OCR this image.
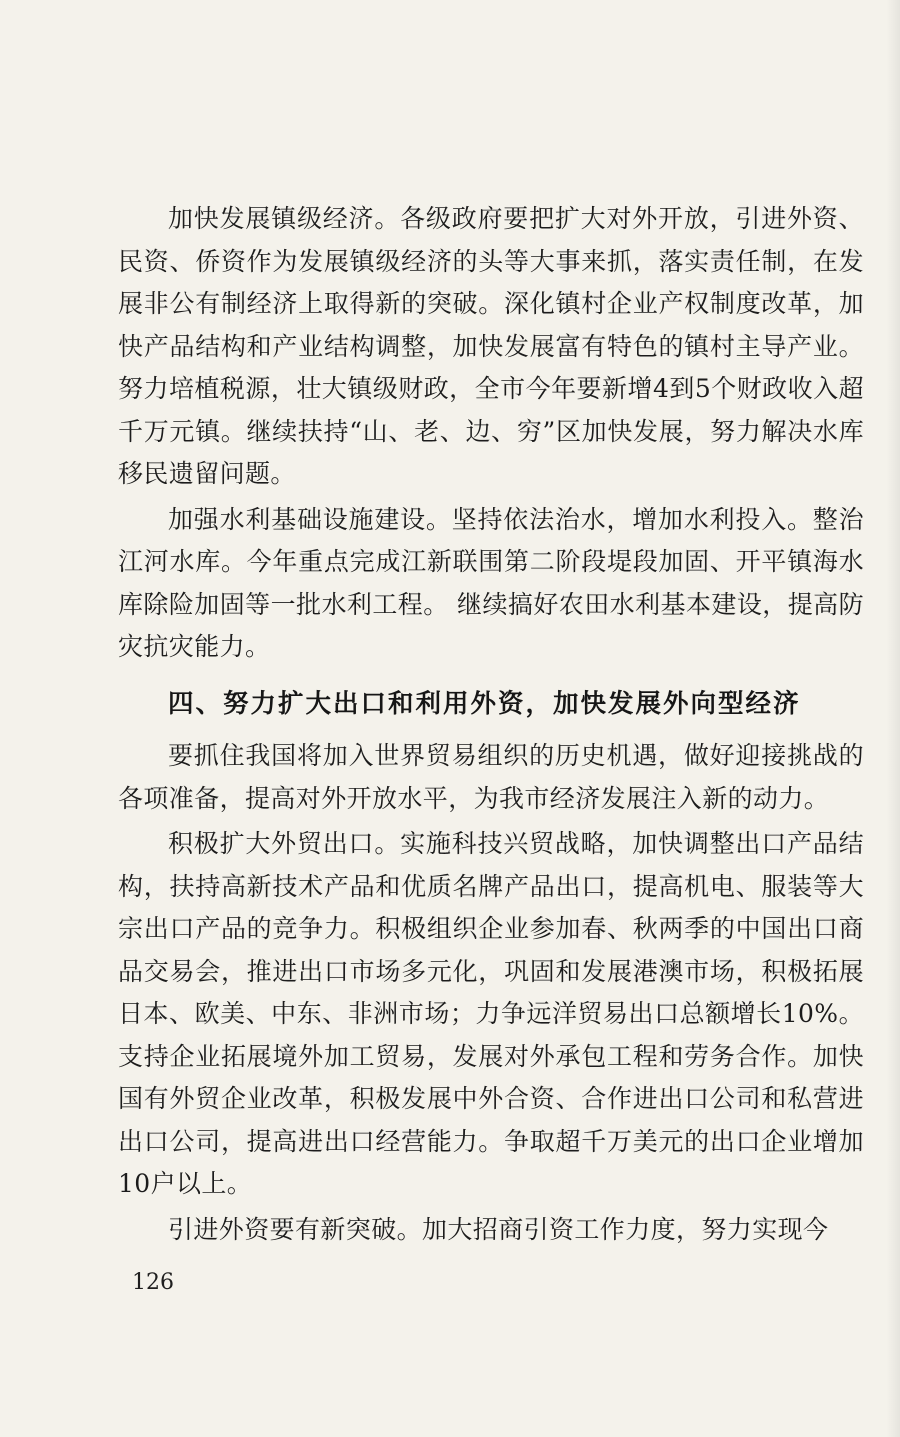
加快发展镇级经济。各级政府要把扩大对外开放，引进外资、民资、侨资作为发展镇级经济的头等大事来抓，落实责任制，在发展非公有制经济上取得新的突破。深化镇村企业产权制度改革，加快产品结构和产业结构调整，加快发展富有特色的镇村主导产业。努力培植税源，壮大镇级财政，全市今年要新增4到5个财政收入超千万元镇。继续扶持“山、老、边、穷”区加快发展，努力解决水库移民遗留问题。

加强水利基础设施建设。坚持依法治水，增加水利投入。整治江河水库。今年重点完成江新联围第二阶段堤段加固、开平镇海水库除险加固等一批水利工程。 继续搞好农田水利基本建设，提高防灾抗灾能力。

四、努力扩大出口和利用外资，加快发展外向型经济

要抓住我国将加入世界贸易组织的历史机遇，做好迎接挑战的各项准备，提高对外开放水平，为我市经济发展注入新的动力。

积极扩大外贸出口。实施科技兴贸战略，加快调整出口产品结构，扶持高新技术产品和优质名牌产品出口，提高机电、服装等大宗出口产品的竞争力。积极组织企业参加春、秋两季的中国出口商品交易会，推进出口市场多元化，巩固和发展港澳市场，积极拓展日本、欧美、中东、非洲市场；力争远洋贸易出口总额增长10%。支持企业拓展境外加工贸易，发展对外承包工程和劳务合作。加快国有外贸企业改革，积极发展中外合资、合作进出口公司和私营进出口公司，提高进出口经营能力。争取超千万美元的出口企业增加10户以上。

引进外资要有新突破。加大招商引资工作力度，努力实现今

126
